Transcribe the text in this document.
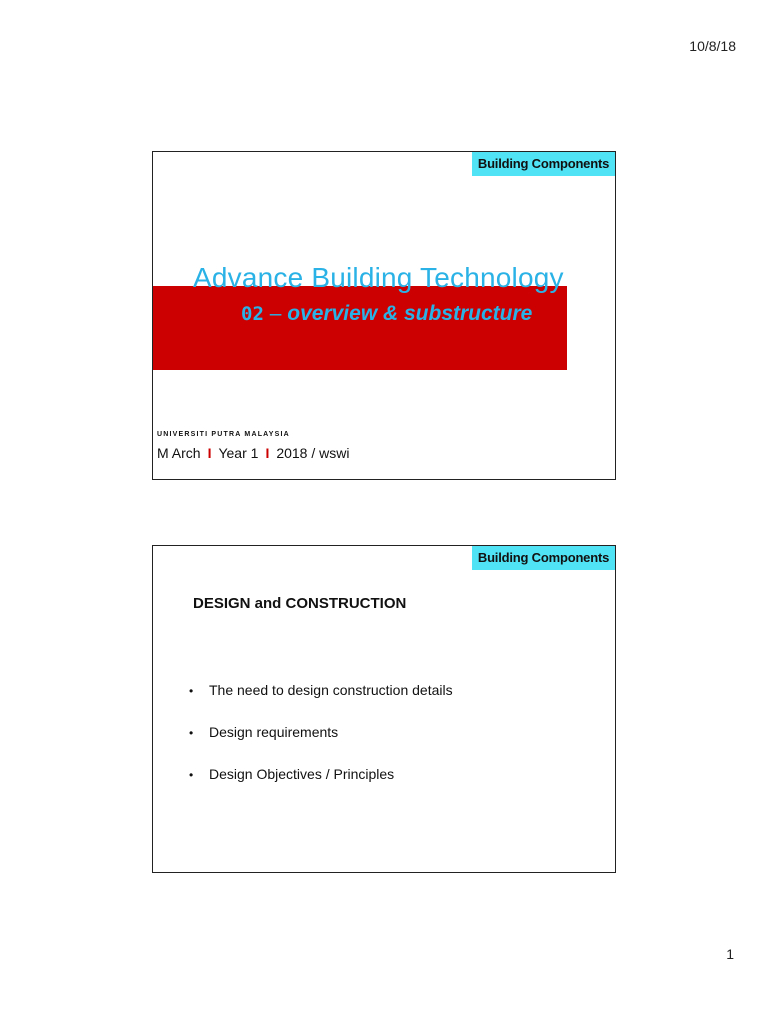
10/8/18
Building Components
Advance Building Technology
02 – overview & substructure
UNIVERSITI PUTRA MALAYSIA
M Arch I Year 1 I 2018 / wswi
Building Components
DESIGN and CONSTRUCTION
• The need to design construction details
• Design requirements
• Design Objectives / Principles
1
